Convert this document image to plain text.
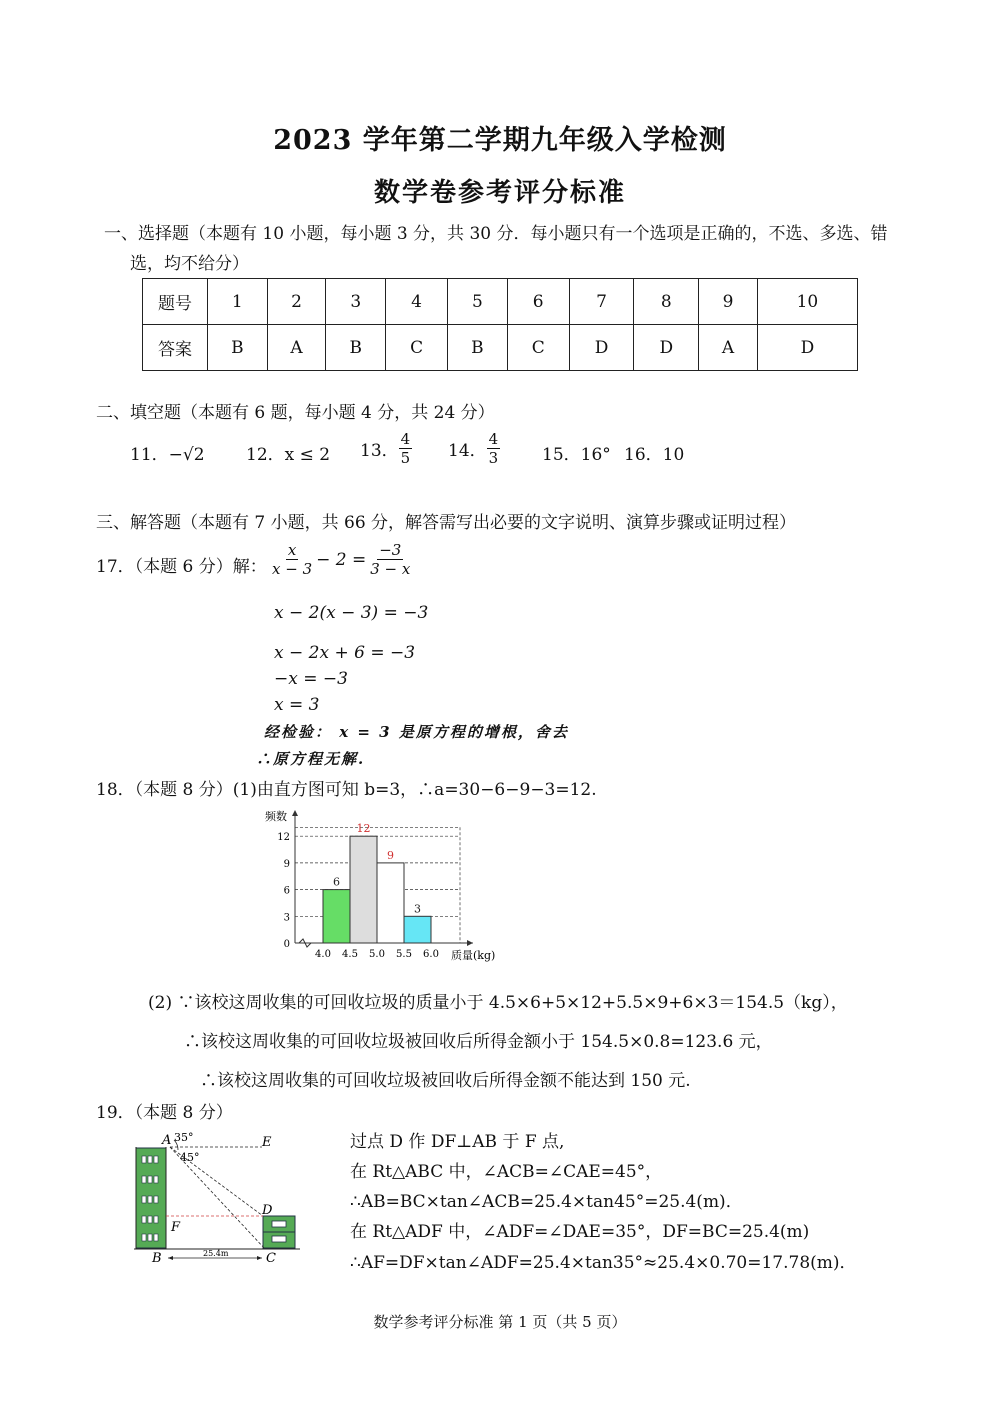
2023 学年第二学期九年级入学检测
数学卷参考评分标准
一、选择题（本题有 10 小题，每小题 3 分，共 30 分．每小题只有一个选项是正确的，不选、多选、错
选，均不给分）
题号	1	2	3	4	5	6	7	8	9	10
答案	B	A	B	C	B	C	D	D	A	D
二、填空题（本题有 6 题，每小题 4 分，共 24 分）
11．−√2 12．x ≤ 2 13． $\frac{4}{5} 14$． $\frac{4}{3} 15$．16° 16．10
三、解答题（本题有 7 小题，共 66 分，解答需写出必要的文字说明、演算步骤或证明过程）
17．（本题 6 分）解： $\frac{x}{x - 3} - 2 = \frac{-3}{3 - x}$
x − 2(x − 3) = −3
x − 2x + 6 = −3
−x = −3
x = 3
经检验： x = 3 是原方程的增根，舍去
∴原方程无解.
18．（本题 8 分）(1)由直方图可知 b=3，∴a=30−6−9−3=12.
6
12
9
3
0
3
6
9
12
4.0 4.5 5.0 5.5 6.0
频数
质量(kg)
(2) ∵该校这周收集的可回收垃圾的质量小于 4.5×6+5×12+5.5×9+6×3＝154.5（kg），
∴该校这周收集的可回收垃圾被回收后所得金额小于 154.5×0.8=123.6 元，
∴该校这周收集的可回收垃圾被回收后所得金额不能达到 150 元.
19．（本题 8 分）
A 35°
45°
E
D
F
B	C
25.4m
过点 D 作 DF⊥AB 于 F 点,
在 Rt△ABC 中，∠ACB=∠CAE=45°，
∴AB=BC×tan∠ACB=25.4×tan45°=25.4(m)．
在 Rt△ADF 中，∠ADF=∠DAE=35°，DF=BC=25.4(m)
∴AF=DF×tan∠ADF=25.4×tan35°≈25.4×0.70=17.78(m)．
数学参考评分标准 第 1 页（共 5 页）
